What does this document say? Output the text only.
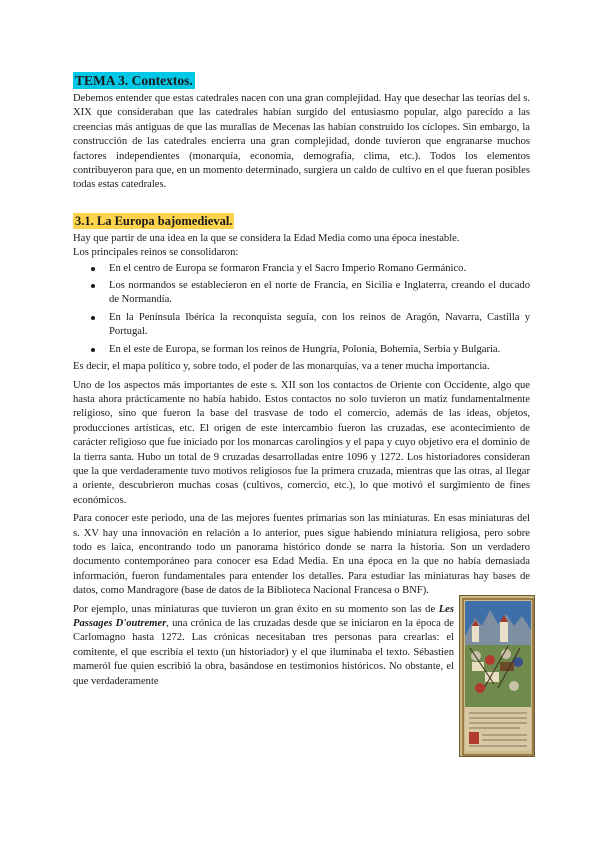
TEMA 3. Contextos.

Debemos entender que estas catedrales nacen con una gran complejidad. Hay que desechar las teorías del s. XIX que consideraban que las catedrales habían surgido del entusiasmo popular, algo parecido a las creencias más antiguas de que las murallas de Mecenas las habían construido los cíclopes. Sin embargo, la construcción de las catedrales encierra una gran complejidad, donde tuvieron que engranarse muchos factores independientes (monarquía, economía, demografía, clima, etc.). Todos los elementos contribuyeron para que, en un momento determinado, surgiera un caldo de cultivo en el que fueran posibles todas estas catedrales.

3.1. La Europa bajomedieval.

Hay que partir de una idea en la que se considera la Edad Media como una época inestable.

Los principales reinos se consolidaron:

En el centro de Europa se formaron Francia y el Sacro Imperio Romano Germánico.
Los normandos se establecieron en el norte de Francia, en Sicilia e Inglaterra, creando el ducado de Normandía.
En la Península Ibérica la reconquista seguía, con los reinos de Aragón, Navarra, Castilla y Portugal.
En el este de Europa, se forman los reinos de Hungría, Polonia, Bohemia, Serbia y Bulgaria.

Es decir, el mapa político y, sobre todo, el poder de las monarquías, va a tener mucha importancia.

Uno de los aspectos más importantes de este s. XII son los contactos de Oriente con Occidente, algo que hasta ahora prácticamente no había habido. Estos contactos no solo tuvieron un matiz fundamentalmente religioso, sino que fueron la base del trasvase de todo el comercio, además de las ideas, objetos, producciones artísticas, etc. El origen de este intercambio fueron las cruzadas, ese acontecimiento de carácter religioso que fue iniciado por los monarcas carolingios y el papa y cuyo objetivo era el dominio de la tierra santa. Hubo un total de 9 cruzadas desarrolladas entre 1096 y 1272. Los historiadores consideran que la que verdaderamente tuvo motivos religiosos fue la primera cruzada, mientras que las otras, al llegar a oriente, descubrieron muchas cosas (cultivos, comercio, etc.), lo que motivó el surgimiento de fines económicos.

Para conocer este periodo, una de las mejores fuentes primarias son las miniaturas. En esas miniaturas del s. XV hay una innovación en relación a lo anterior, pues sigue habiendo miniatura religiosa, pero sobre todo es laica, encontrando todo un panorama histórico donde se narra la historia. Son un verdadero documento contemporáneo para conocer esa Edad Media. En una época en la que no había demasiada información, fueron fundamentales para entender los detalles. Para estudiar las miniaturas hay bases de datos, como Mandragore (base de datos de la Biblioteca Nacional Francesa o BNF).

Por ejemplo, unas miniaturas que tuvieron un gran éxito en su momento son las de Les Passages D'outremer, una crónica de las cruzadas desde que se iniciaron en la época de Carlomagno hasta 1272. Las crónicas necesitaban tres personas para crearlas: el comitente, el que escribía el texto (un historiador) y el que iluminaba el texto. Sébastien mameról fue quien escribió la obra, basándose en testimonios históricos. No obstante, el que verdaderamente
